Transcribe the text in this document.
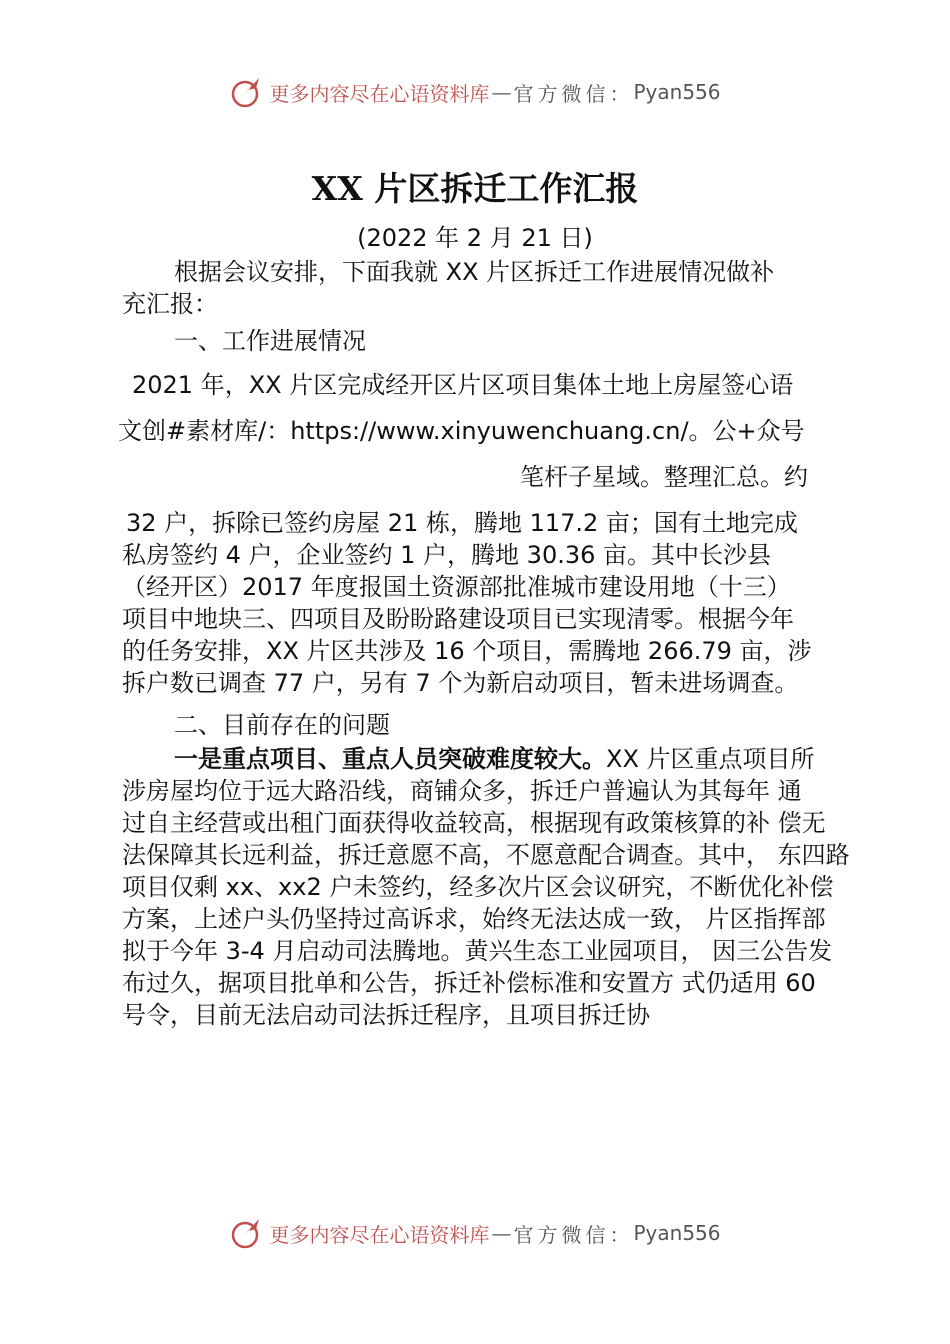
更多内容尽在心语资料库 — 官方微信： Pyan556
XX 片区拆迁工作汇报
(2022 年 2 月 21 日)
根据会议安排，下面我就 XX 片区拆迁工作进展情况做补
充汇报：
一、工作进展情况
2021 年，XX 片区完成经开区片区项目集体土地上房屋签心语
文创#素材库/：https://www.xinyuwenchuang.cn/。公+众号
笔杆子星域。整理汇总。约
32 户，拆除已签约房屋 21 栋，腾地 117.2 亩；国有土地完成
私房签约 4 户，企业签约 1 户，腾地 30.36 亩。其中长沙县
（经开区）2017 年度报国土资源部批准城市建设用地（十三）
项目中地块三、四项目及盼盼路建设项目已实现清零。根据今年
的任务安排，XX 片区共涉及 16 个项目，需腾地 266.79 亩，涉
拆户数已调查 77 户，另有 7 个为新启动项目，暂未进场调查。
二、目前存在的问题
一是重点项目、重点人员突破难度较大。XX 片区重点项目所
涉房屋均位于远大路沿线，商铺众多，拆迁户普遍认为其每年 通
过自主经营或出租门面获得收益较高，根据现有政策核算的补 偿无
法保障其长远利益，拆迁意愿不高，不愿意配合调查。其中， 东四路
项目仅剩 xx、xx2 户未签约，经多次片区会议研究，不断优化补偿
方案，上述户头仍坚持过高诉求，始终无法达成一致， 片区指挥部
拟于今年 3-4 月启动司法腾地。黄兴生态工业园项目， 因三公告发
布过久，据项目批单和公告，拆迁补偿标准和安置方 式仍适用 60
号令，目前无法启动司法拆迁程序，且项目拆迁协
更多内容尽在心语资料库 — 官方微信： Pyan556
